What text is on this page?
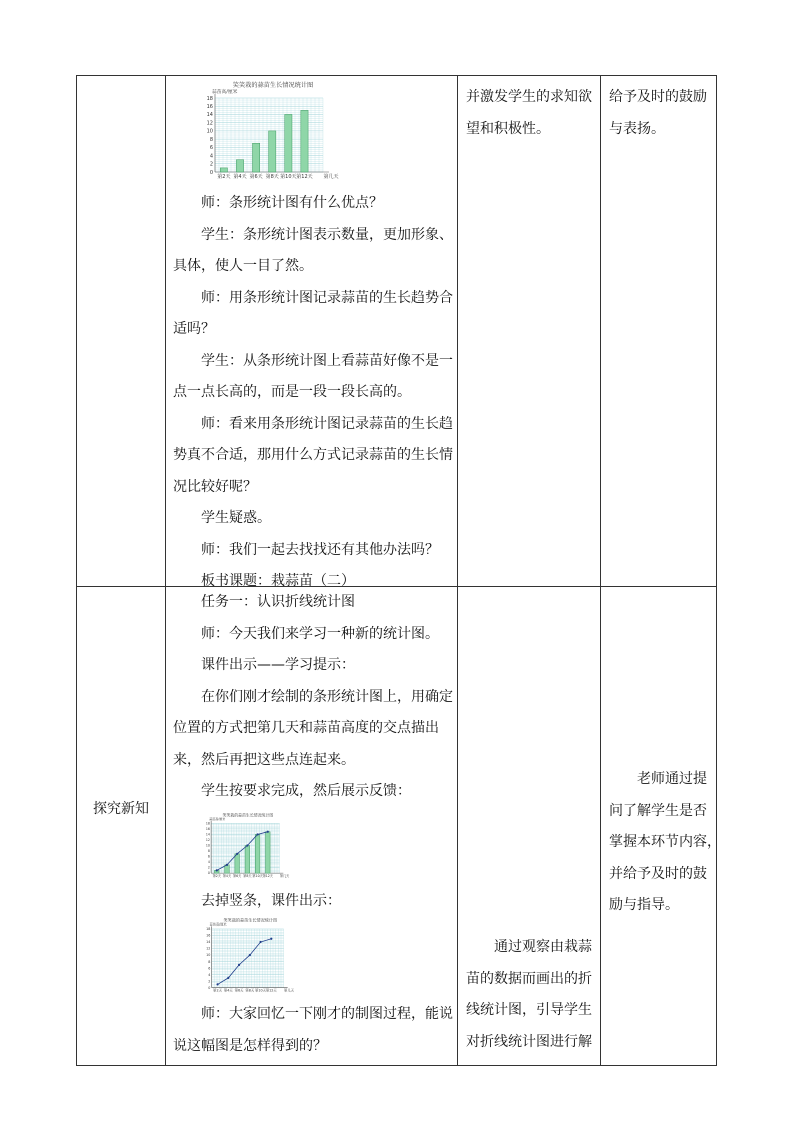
笑笑栽的蒜苗生长情况统计图
蒜苗高/厘米
0
2
4
6
8
10
12
14
16
18
第2天 第4天 第6天 第8天 第10天 第12天 第几天

师：条形统计图有什么优点？

学生：条形统计图表示数量，更加形象、

具体，使人一目了然。

师：用条形统计图记录蒜苗的生长趋势合

适吗？

学生：从条形统计图上看蒜苗好像不是一

点一点长高的，而是一段一段长高的。

师：看来用条形统计图记录蒜苗的生长趋

势真不合适，那用什么方式记录蒜苗的生长情

况比较好呢？

学生疑惑。

师：我们一起去找找还有其他办法吗？

板书课题：栽蒜苗（二）

并激发学生的求知欲

望和积极性。

给予及时的鼓励

与表扬。

探究新知

任务一：认识折线统计图

师：今天我们来学习一种新的统计图。

课件出示——学习提示：

在你们刚才绘制的条形统计图上，用确定

位置的方式把第几天和蒜苗高度的交点描出

来，然后再把这些点连起来。

学生按要求完成，然后展示反馈：

笑笑栽的蒜苗生长情况统计图
蒜苗高/厘米
0
2
4
6
8
10
12
14
16
18
第2天 第4天 第6天 第8天 第10天 第12天 第几天

去掉竖条，课件出示：

笑笑栽的蒜苗生长情况统计图
蒜苗高/厘米
0
2
4
6
8
10
12
14
16
18
第2天 第4天 第6天 第8天 第10天 第12天 第几天

师：大家回忆一下刚才的制图过程，能说

说这幅图是怎样得到的？

通过观察由栽蒜

苗的数据而画出的折

线统计图，引导学生

对折线统计图进行解

老师通过提

问了解学生是否

掌握本环节内容，

并给予及时的鼓

励与指导。
